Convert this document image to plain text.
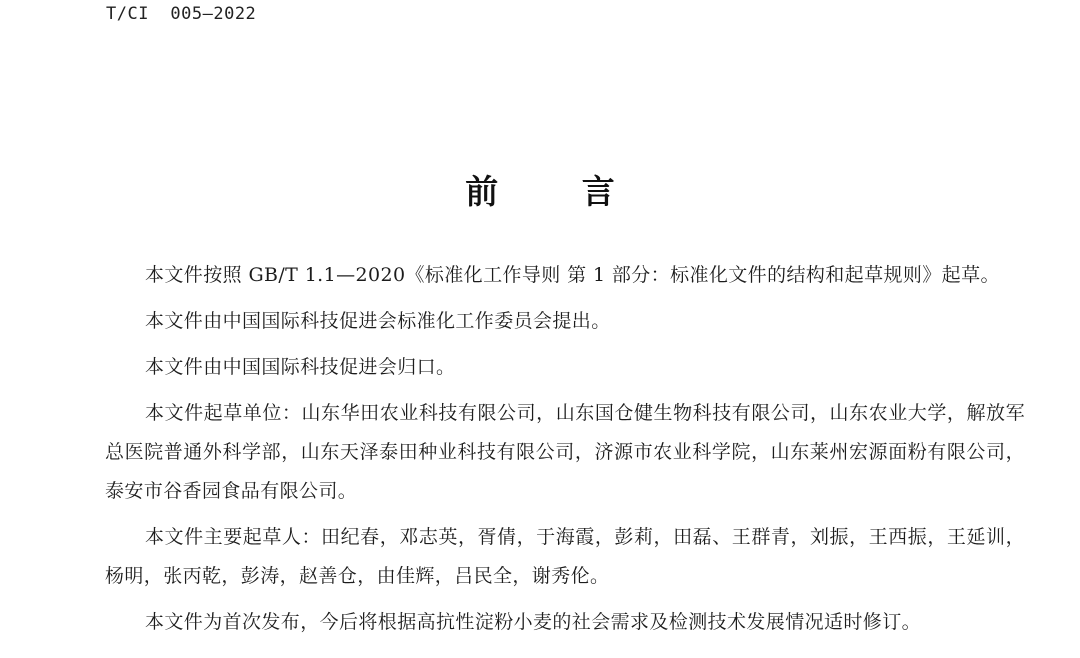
T/CI  005—2022
前 言

本文件按照 GB/T 1.1—2020《标准化工作导则 第 1 部分：标准化文件的结构和起草规则》起草。

本文件由中国国际科技促进会标准化工作委员会提出。

本文件由中国国际科技促进会归口。

本文件起草单位：山东华田农业科技有限公司，山东国仓健生物科技有限公司，山东农业大学，解放军总医院普通外科学部，山东天泽泰田种业科技有限公司，济源市农业科学院，山东莱州宏源面粉有限公司，泰安市谷香园食品有限公司。

本文件主要起草人：田纪春，邓志英，胥倩，于海霞，彭莉，田磊、王群青，刘振，王西振，王延训，杨明，张丙乾，彭涛，赵善仓，由佳辉，吕民全，谢秀伦。

本文件为首次发布，今后将根据高抗性淀粉小麦的社会需求及检测技术发展情况适时修订。
